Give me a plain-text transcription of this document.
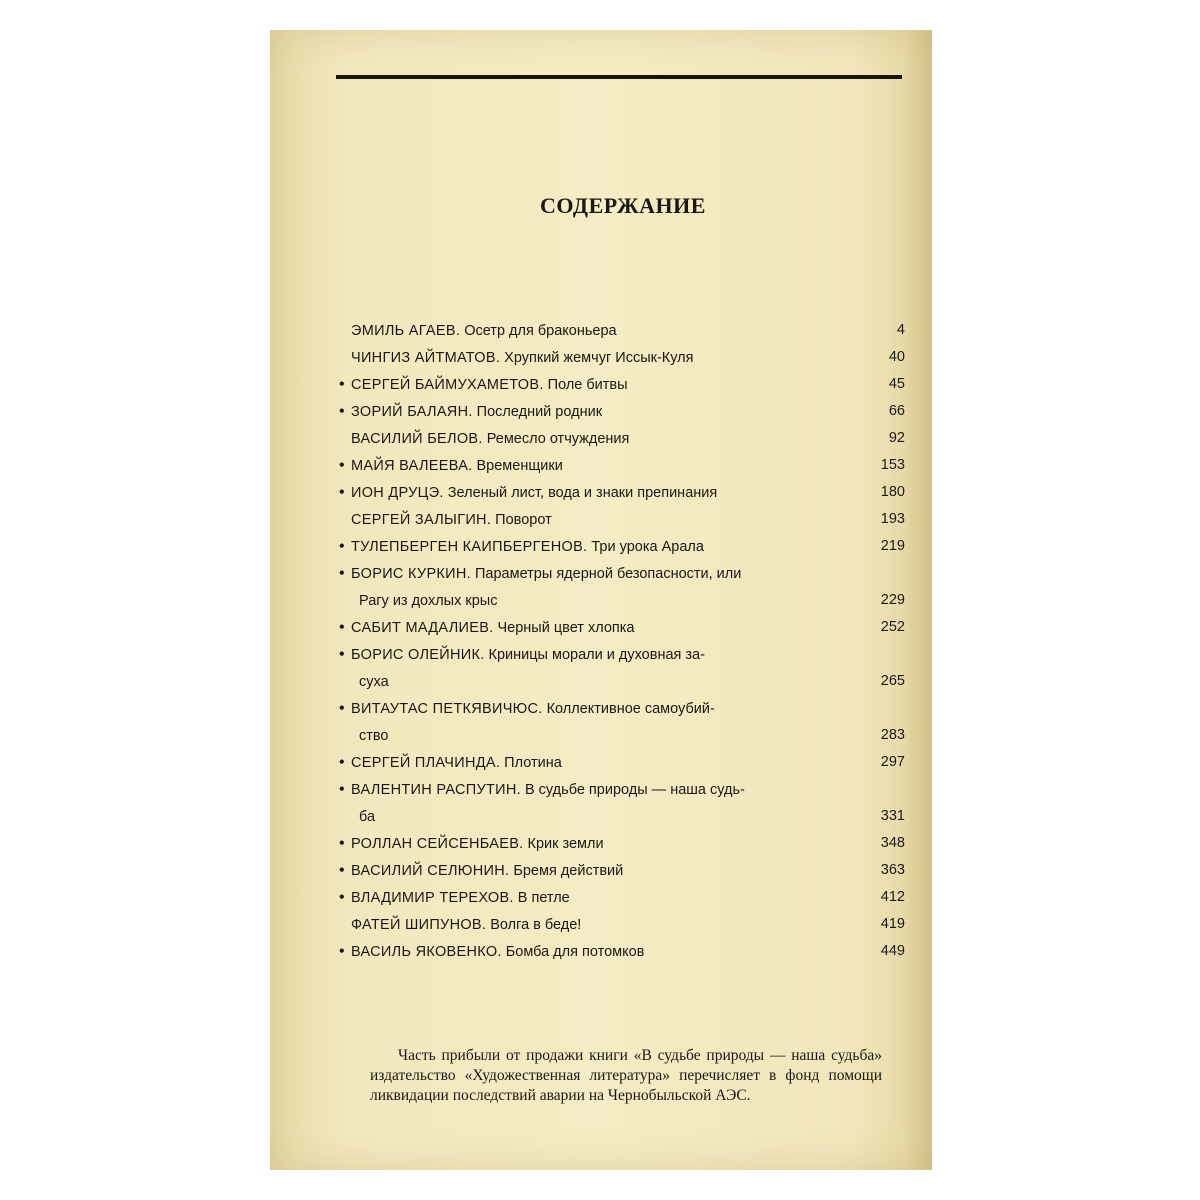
СОДЕРЖАНИЕ
ЭМИЛЬ АГАЕВ. Осетр для браконьера	4
ЧИНГИЗ АЙТМАТОВ. Хрупкий жемчуг Иссык-Куля	40
• СЕРГЕЙ БАЙМУХАМЕТОВ. Поле битвы	45
• ЗОРИЙ БАЛАЯН. Последний родник	66
ВАСИЛИЙ БЕЛОВ. Ремесло отчуждения	92
• МАЙЯ ВАЛЕЕВА. Временщики	153
• ИОН ДРУЦЭ. Зеленый лист, вода и знаки препинания	180
СЕРГЕЙ ЗАЛЫГИН. Поворот	193
• ТУЛЕПБЕРГЕН КАИПБЕРГЕНОВ. Три урока Арала	219
• БОРИС КУРКИН. Параметры ядерной безопасности, или
Рагу из дохлых крыс	229
• САБИТ МАДАЛИЕВ. Черный цвет хлопка	252
• БОРИС ОЛЕЙНИК. Криницы морали и духовная за-
суха	265
• ВИТАУТАС ПЕТКЯВИЧЮС. Коллективное самоубий-
ство	283
• СЕРГЕЙ ПЛАЧИНДА. Плотина	297
• ВАЛЕНТИН РАСПУТИН. В судьбе природы — наша судь-
ба	331
• РОЛЛАН СЕЙСЕНБАЕВ. Крик земли	348
• ВАСИЛИЙ СЕЛЮНИН. Бремя действий	363
• ВЛАДИМИР ТЕРЕХОВ. В петле	412
ФАТЕЙ ШИПУНОВ. Волга в беде!	419
• ВАСИЛЬ ЯКОВЕНКО. Бомба для потомков	449

Часть прибыли от продажи книги «В судьбе природы — наша судьба» издательство «Художественная литература» перечисляет в фонд помощи ликвидации последствий аварии на Чернобыльской АЭС.
